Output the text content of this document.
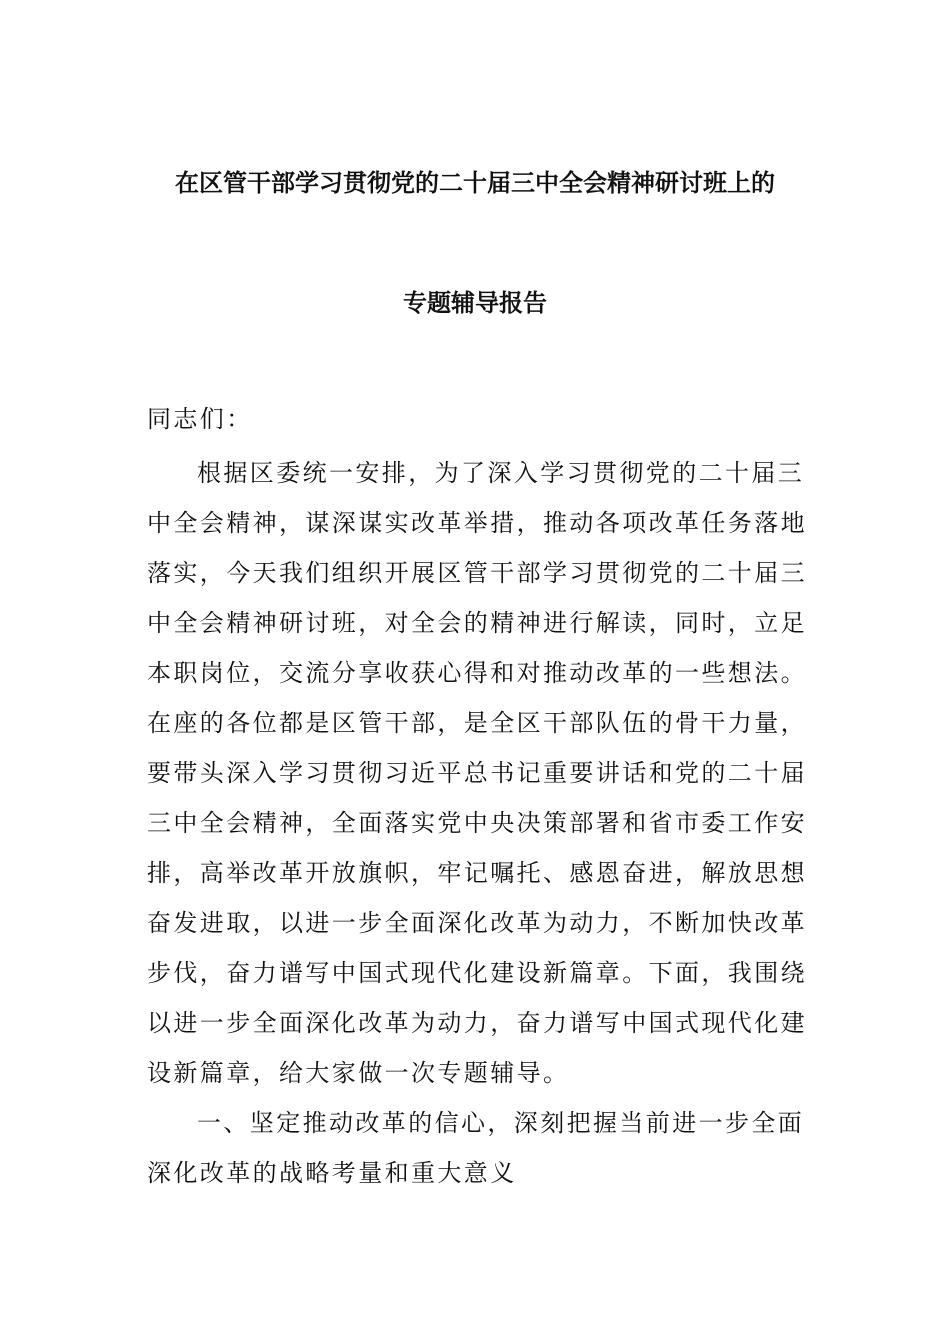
在区管干部学习贯彻党的二十届三中全会精神研讨班上的
专题辅导报告
同志们：
根据区委统一安排，为了深入学习贯彻党的二十届三
中全会精神，谋深谋实改革举措，推动各项改革任务落地
落实，今天我们组织开展区管干部学习贯彻党的二十届三
中全会精神研讨班，对全会的精神进行解读，同时，立足
本职岗位，交流分享收获心得和对推动改革的一些想法。
在座的各位都是区管干部，是全区干部队伍的骨干力量，
要带头深入学习贯彻习近平总书记重要讲话和党的二十届
三中全会精神，全面落实党中央决策部署和省市委工作安
排，高举改革开放旗帜，牢记嘱托、感恩奋进，解放思想
奋发进取，以进一步全面深化改革为动力，不断加快改革
步伐，奋力谱写中国式现代化建设新篇章。下面，我围绕
以进一步全面深化改革为动力，奋力谱写中国式现代化建
设新篇章，给大家做一次专题辅导。
一、坚定推动改革的信心，深刻把握当前进一步全面
深化改革的战略考量和重大意义
